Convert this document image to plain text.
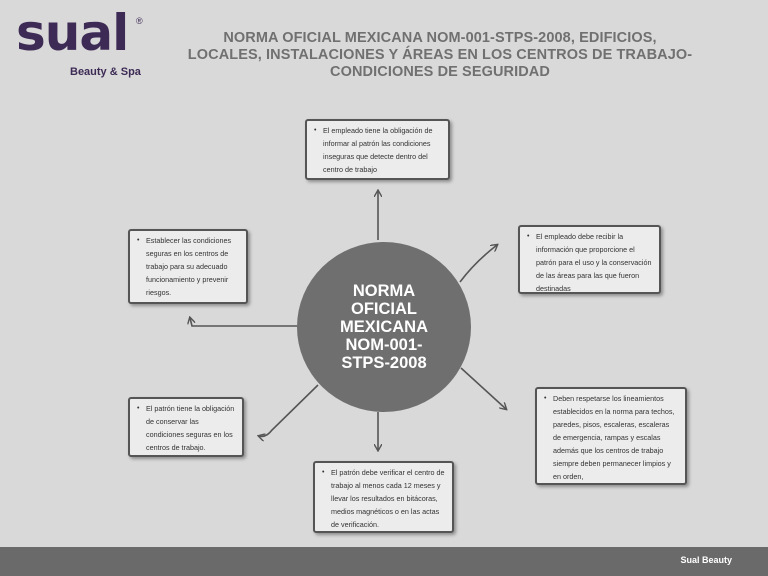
sual ®
Beauty & Spa
NORMA OFICIAL MEXICANA NOM-001-STPS-2008, EDIFICIOS,
LOCALES, INSTALACIONES Y ÁREAS EN LOS CENTROS DE TRABAJO-
CONDICIONES DE SEGURIDAD
NORMA OFICIAL MEXICANA NOM-001-STPS-2008
• El empleado tiene la obligación de informar al patrón las condiciones inseguras que detecte dentro del centro de trabajo
• Establecer las condiciones seguras en los centros de trabajo para su adecuado funcionamiento y prevenir riesgos.
• El empleado debe recibir la información que proporcione el patrón para el uso y la conservación de las áreas para las que fueron destinadas
• El patrón tiene la obligación de conservar las condiciones seguras en los centros de trabajo.
• Deben respetarse los lineamientos establecidos en la norma para techos, paredes, pisos, escaleras, escaleras de emergencia, rampas y escalas además que los centros de trabajo siempre deben permanecer limpios y en orden,
• El patrón debe verificar el centro de trabajo al menos cada 12 meses y llevar los resultados en bitácoras, medios magnéticos o en las actas de verificación.
Sual Beauty
